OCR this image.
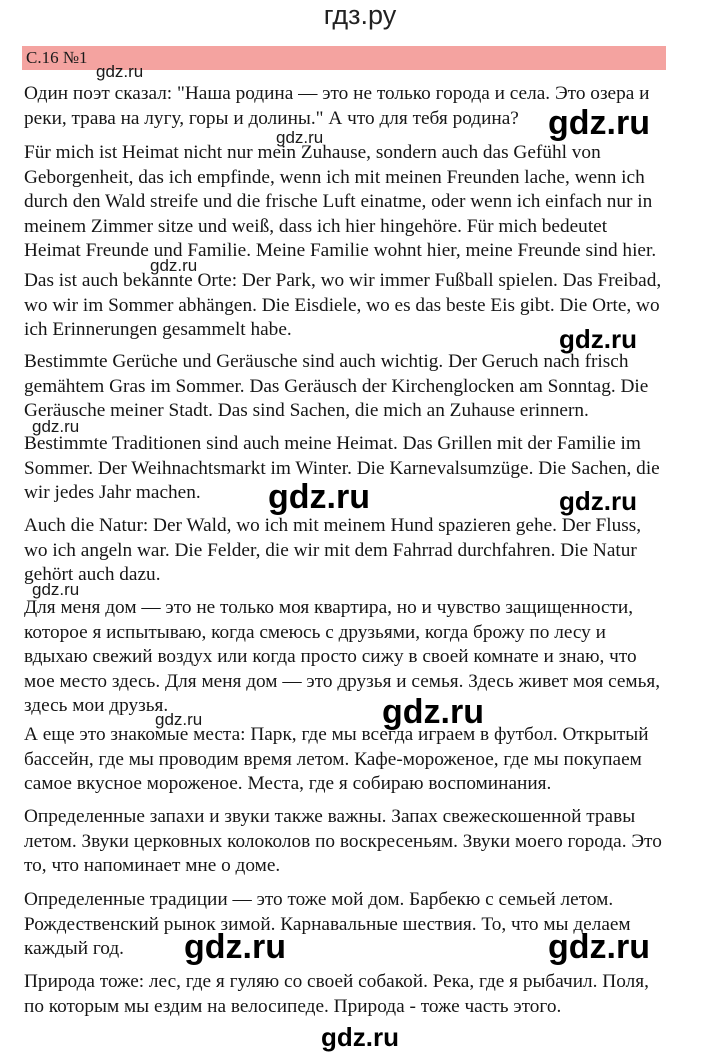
гдз.ру
С.16 №1

Один поэт сказал: "Наша родина — это не только города и села. Это озера и
реки, трава на лугу, горы и долины." А что для тебя родина?

Für mich ist Heimat nicht nur mein Zuhause, sondern auch das Gefühl von
Geborgenheit, das ich empfinde, wenn ich mit meinen Freunden lache, wenn ich
durch den Wald streife und die frische Luft einatme, oder wenn ich einfach nur in
meinem Zimmer sitze und weiß, dass ich hier hingehöre. Für mich bedeutet
Heimat Freunde und Familie. Meine Familie wohnt hier, meine Freunde sind hier.

Das ist auch bekannte Orte: Der Park, wo wir immer Fußball spielen. Das Freibad,
wo wir im Sommer abhängen. Die Eisdiele, wo es das beste Eis gibt. Die Orte, wo
ich Erinnerungen gesammelt habe.

Bestimmte Gerüche und Geräusche sind auch wichtig. Der Geruch nach frisch
gemähtem Gras im Sommer. Das Geräusch der Kirchenglocken am Sonntag. Die
Geräusche meiner Stadt. Das sind Sachen, die mich an Zuhause erinnern.

Bestimmte Traditionen sind auch meine Heimat. Das Grillen mit der Familie im
Sommer. Der Weihnachtsmarkt im Winter. Die Karnevalsumzüge. Die Sachen, die
wir jedes Jahr machen.

Auch die Natur: Der Wald, wo ich mit meinem Hund spazieren gehe. Der Fluss,
wo ich angeln war. Die Felder, die wir mit dem Fahrrad durchfahren. Die Natur
gehört auch dazu.

Для меня дом — это не только моя квартира, но и чувство защищенности,
которое я испытываю, когда смеюсь с друзьями, когда брожу по лесу и
вдыхаю свежий воздух или когда просто сижу в своей комнате и знаю, что
мое место здесь. Для меня дом — это друзья и семья. Здесь живет моя семья,
здесь мои друзья.

А еще это знакомые места: Парк, где мы всегда играем в футбол. Открытый
бассейн, где мы проводим время летом. Кафе-мороженое, где мы покупаем
самое вкусное мороженое. Места, где я собираю воспоминания.

Определенные запахи и звуки также важны. Запах свежескошенной травы
летом. Звуки церковных колоколов по воскресеньям. Звуки моего города. Это
то, что напоминает мне о доме.

Определенные традиции — это тоже мой дом. Барбекю с семьей летом.
Рождественский рынок зимой. Карнавальные шествия. То, что мы делаем
каждый год.

Природа тоже: лес, где я гуляю со своей собакой. Река, где я рыбачил. Поля,
по которым мы ездим на велосипеде. Природа - тоже часть этого.

gdz.ru
gdz.ru
gdz.ru
gdz.ru
gdz.ru
gdz.ru
gdz.ru	gdz.ru
gdz.ru
gdz.ru	gdz.ru
gdz.ru	gdz.ru
gdz.ru
